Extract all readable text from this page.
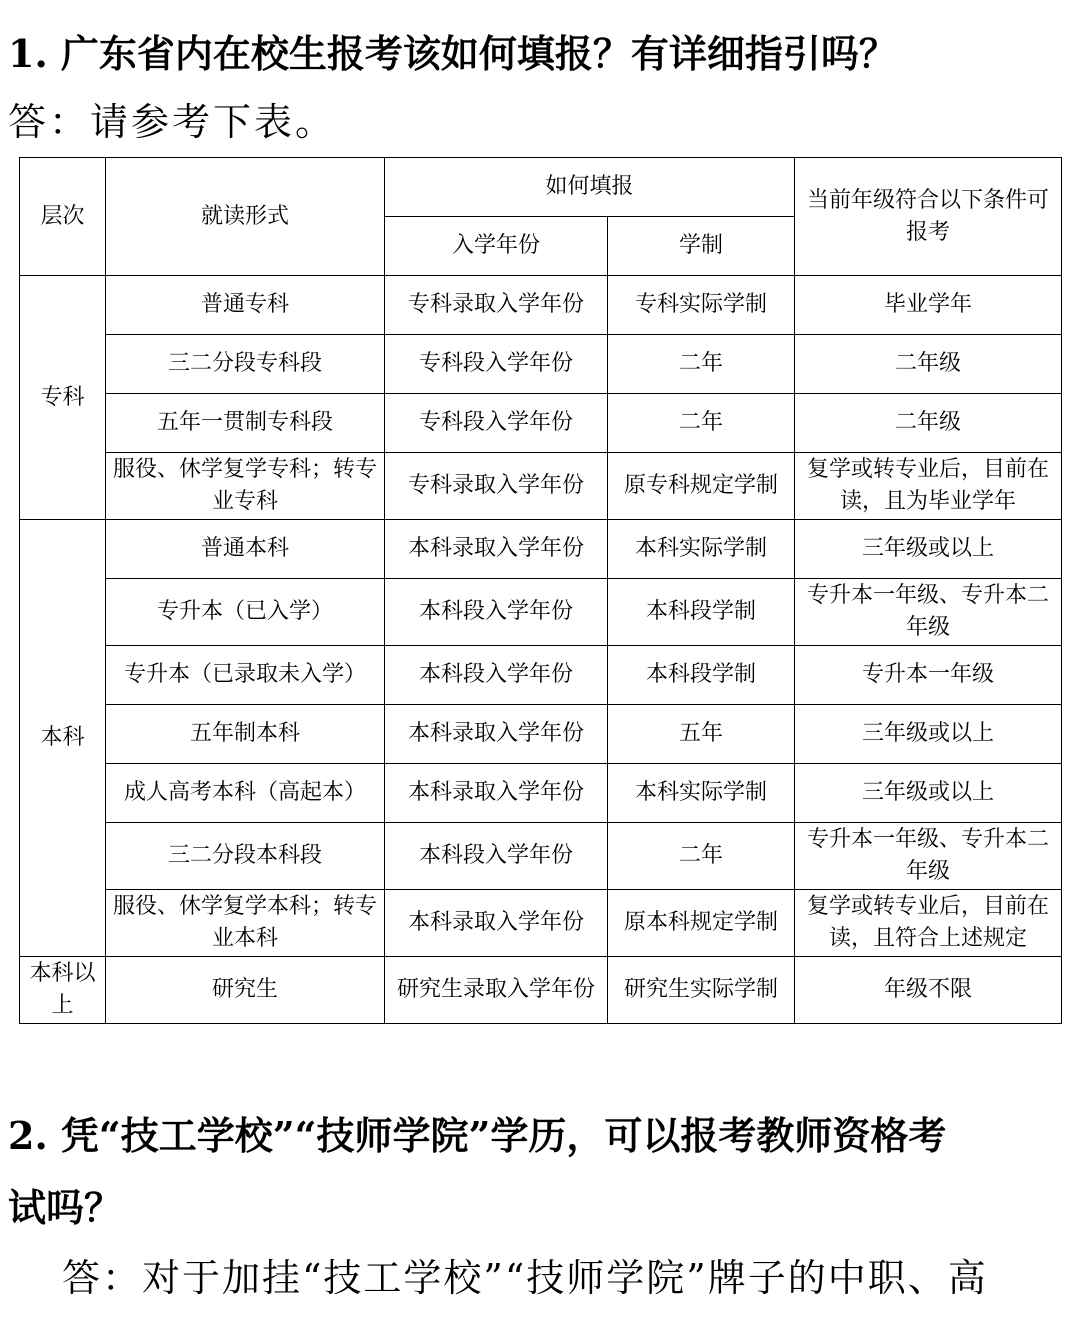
1. 广东省内在校生报考该如何填报？有详细指引吗？

答：请参考下表。

层次	就读形式	如何填报		当前年级符合以下条件可报考
		入学年份	学制	
专科	普通专科	专科录取入学年份	专科实际学制	毕业学年
	三二分段专科段	专科段入学年份	二年	二年级
	五年一贯制专科段	专科段入学年份	二年	二年级
	服役、休学复学专科；转专业专科	专科录取入学年份	原专科规定学制	复学或转专业后，目前在读，且为毕业学年
本科	普通本科	本科录取入学年份	本科实际学制	三年级或以上
	专升本（已入学）	本科段入学年份	本科段学制	专升本一年级、专升本二年级
	专升本（已录取未入学）	本科段入学年份	本科段学制	专升本一年级
	五年制本科	本科录取入学年份	五年	三年级或以上
	成人高考本科（高起本）	本科录取入学年份	本科实际学制	三年级或以上
	三二分段本科段	本科段入学年份	二年	专升本一年级、专升本二年级
	服役、休学复学本科；转专业本科	本科录取入学年份	原本科规定学制	复学或转专业后，目前在读，且符合上述规定
本科以上	研究生	研究生录取入学年份	研究生实际学制	年级不限
2. 凭“技工学校”“技师学院”学历，可以报考教师资格考
试吗？

答：对于加挂“技工学校”“技师学院”牌子的中职、高
